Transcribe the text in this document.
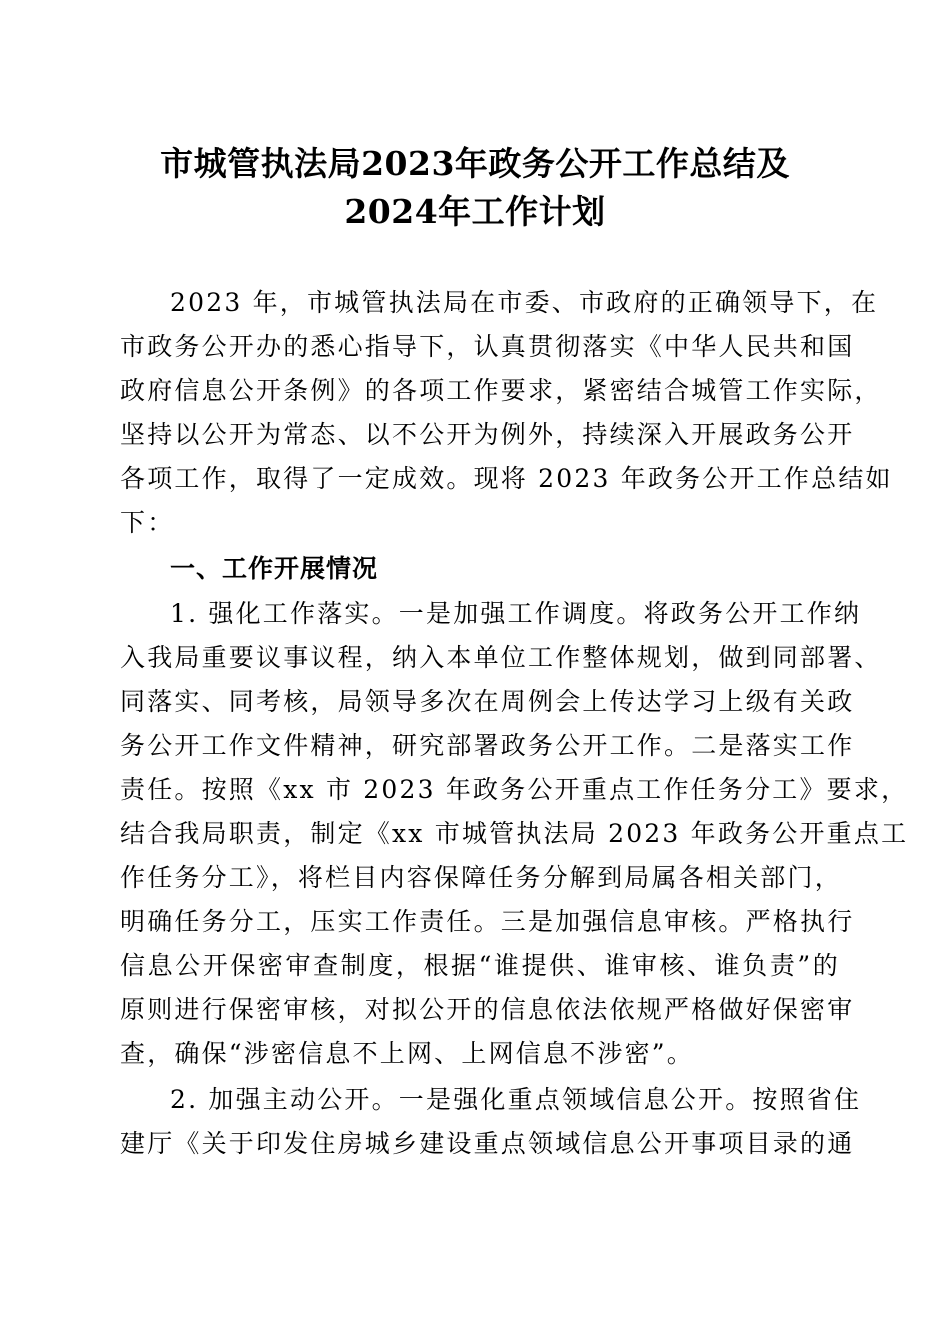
市城管执法局2023年政务公开工作总结及
2024年工作计划
2023 年，市城管执法局在市委、市政府的正确领导下，在
市政务公开办的悉心指导下，认真贯彻落实《中华人民共和国
政府信息公开条例》的各项工作要求，紧密结合城管工作实际，
坚持以公开为常态、以不公开为例外，持续深入开展政务公开
各项工作，取得了一定成效。现将 2023 年政务公开工作总结如
下：
一、工作开展情况
1. 强化工作落实。一是加强工作调度。将政务公开工作纳
入我局重要议事议程，纳入本单位工作整体规划，做到同部署、
同落实、同考核，局领导多次在周例会上传达学习上级有关政
务公开工作文件精神，研究部署政务公开工作。二是落实工作
责任。按照《xx 市 2023 年政务公开重点工作任务分工》要求，
结合我局职责，制定《xx 市城管执法局 2023 年政务公开重点工
作任务分工》，将栏目内容保障任务分解到局属各相关部门，
明确任务分工，压实工作责任。三是加强信息审核。严格执行
信息公开保密审查制度，根据“谁提供、谁审核、谁负责”的
原则进行保密审核，对拟公开的信息依法依规严格做好保密审
查，确保“涉密信息不上网、上网信息不涉密”。
2. 加强主动公开。一是强化重点领域信息公开。按照省住
建厅《关于印发住房城乡建设重点领域信息公开事项目录的通
